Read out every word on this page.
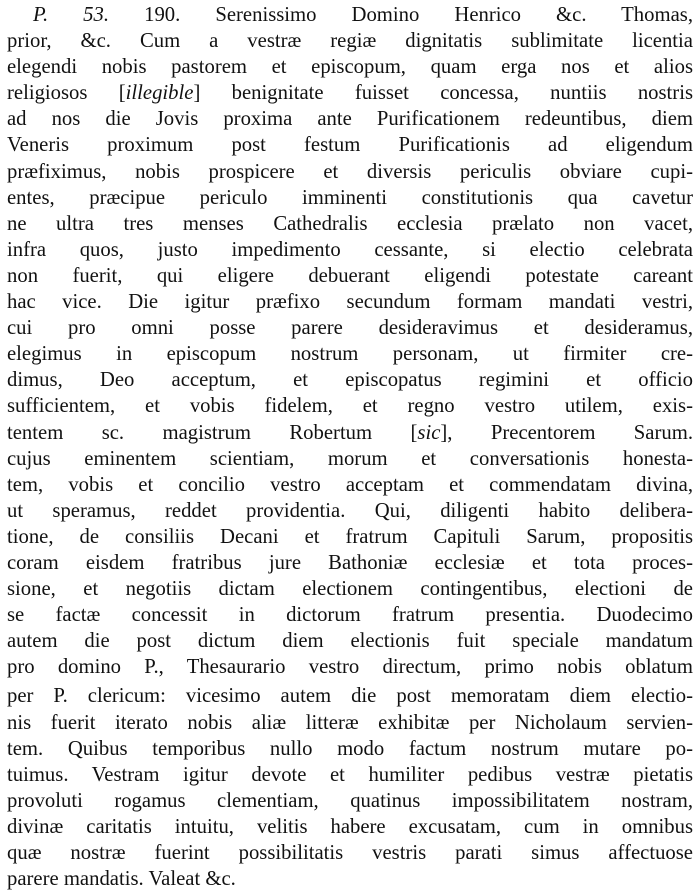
P. 53. 190. Serenissimo Domino Henrico &c. Thomas,
prior, &c. Cum a vestræ regiæ dignitatis sublimitate licentia
elegendi nobis pastorem et episcopum, quam erga nos et alios
religiosos [illegible] benignitate fuisset concessa, nuntiis nostris
ad nos die Jovis proxima ante Purificationem redeuntibus, diem
Veneris proximum post festum Purificationis ad eligendum
præfiximus, nobis prospicere et diversis periculis obviare cupi-
entes, præcipue periculo imminenti constitutionis qua cavetur
ne ultra tres menses Cathedralis ecclesia prælato non vacet,
infra quos, justo impedimento cessante, si electio celebrata
non fuerit, qui eligere debuerant eligendi potestate careant
hac vice. Die igitur præfixo secundum formam mandati vestri,
cui pro omni posse parere desideravimus et desideramus,
elegimus in episcopum nostrum personam, ut firmiter cre-
dimus, Deo acceptum, et episcopatus regimini et officio
sufficientem, et vobis fidelem, et regno vestro utilem, exis-
tentem sc. magistrum Robertum [sic], Precentorem Sarum.
cujus eminentem scientiam, morum et conversationis honesta-
tem, vobis et concilio vestro acceptam et commendatam divina,
ut speramus, reddet providentia. Qui, diligenti habito delibera-
tione, de consiliis Decani et fratrum Capituli Sarum, propositis
coram eisdem fratribus jure Bathoniæ ecclesiæ et tota proces-
sione, et negotiis dictam electionem contingentibus, electioni de
se factæ concessit in dictorum fratrum presentia. Duodecimo
autem die post dictum diem electionis fuit speciale mandatum
pro domino P., Thesaurario vestro directum, primo nobis oblatum
per P. clericum: vicesimo autem die post memoratam diem electio-
nis fuerit iterato nobis aliæ litteræ exhibitæ per Nicholaum servien-
tem. Quibus temporibus nullo modo factum nostrum mutare po-
tuimus. Vestram igitur devote et humiliter pedibus vestræ pietatis
provoluti rogamus clementiam, quatinus impossibilitatem nostram,
divinæ caritatis intuitu, velitis habere excusatam, cum in omnibus
quæ nostræ fuerint possibilitatis vestris parati simus affectuose
parere mandatis. Valeat &c.
